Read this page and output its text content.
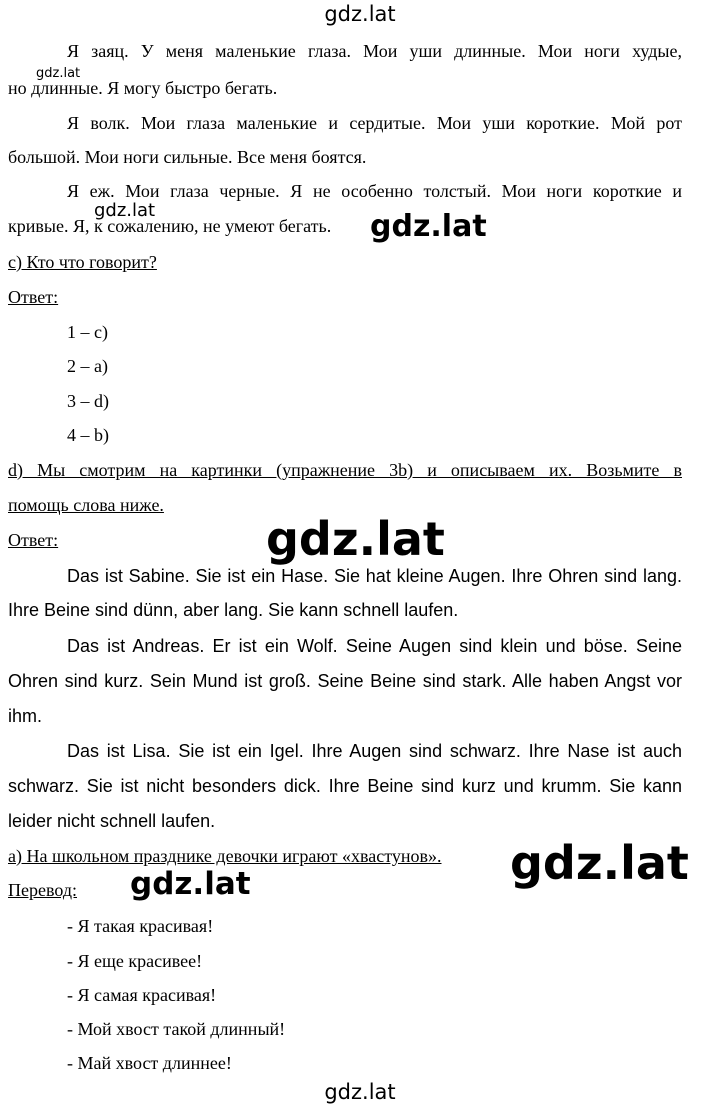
Я заяц. У меня маленькие глаза. Мои уши длинные. Мои ноги худые,
но длинные. Я могу быстро бегать.
Я волк. Мои глаза маленькие и сердитые. Мои уши короткие. Мой рот
большой. Мои ноги сильные. Все меня боятся.
Я еж. Мои глаза черные. Я не особенно толстый. Мои ноги короткие и
кривые. Я, к сожалению, не умеют бегать.
c) Кто что говорит?
Ответ:
1 – c)
2 – a)
3 – d)
4 – b)
d) Мы смотрим на картинки (упражнение 3b) и описываем их. Возьмите в
помощь слова ниже.
Ответ:
Das ist Sabine. Sie ist ein Hase. Sie hat kleine Augen. Ihre Ohren sind lang.
Ihre Beine sind dünn, aber lang. Sie kann schnell laufen.
Das ist Andreas. Er ist ein Wolf. Seine Augen sind klein und böse. Seine
Ohren sind kurz. Sein Mund ist groß. Seine Beine sind stark. Alle haben Angst vor
ihm.
Das ist Lisa. Sie ist ein Igel. Ihre Augen sind schwarz. Ihre Nase ist auch
schwarz. Sie ist nicht besonders dick. Ihre Beine sind kurz und krumm. Sie kann
leider nicht schnell laufen.
a) На школьном празднике девочки играют «хвастунов».
Перевод:
- Я такая красивая!
- Я еще красивее!
- Я самая красивая!
- Мой хвост такой длинный!
- Май хвост длиннее!
gdz.lat
gdz.lat
gdz.lat	gdz.lat
gdz.lat
gdz.lat
gdz.lat
gdz.lat
